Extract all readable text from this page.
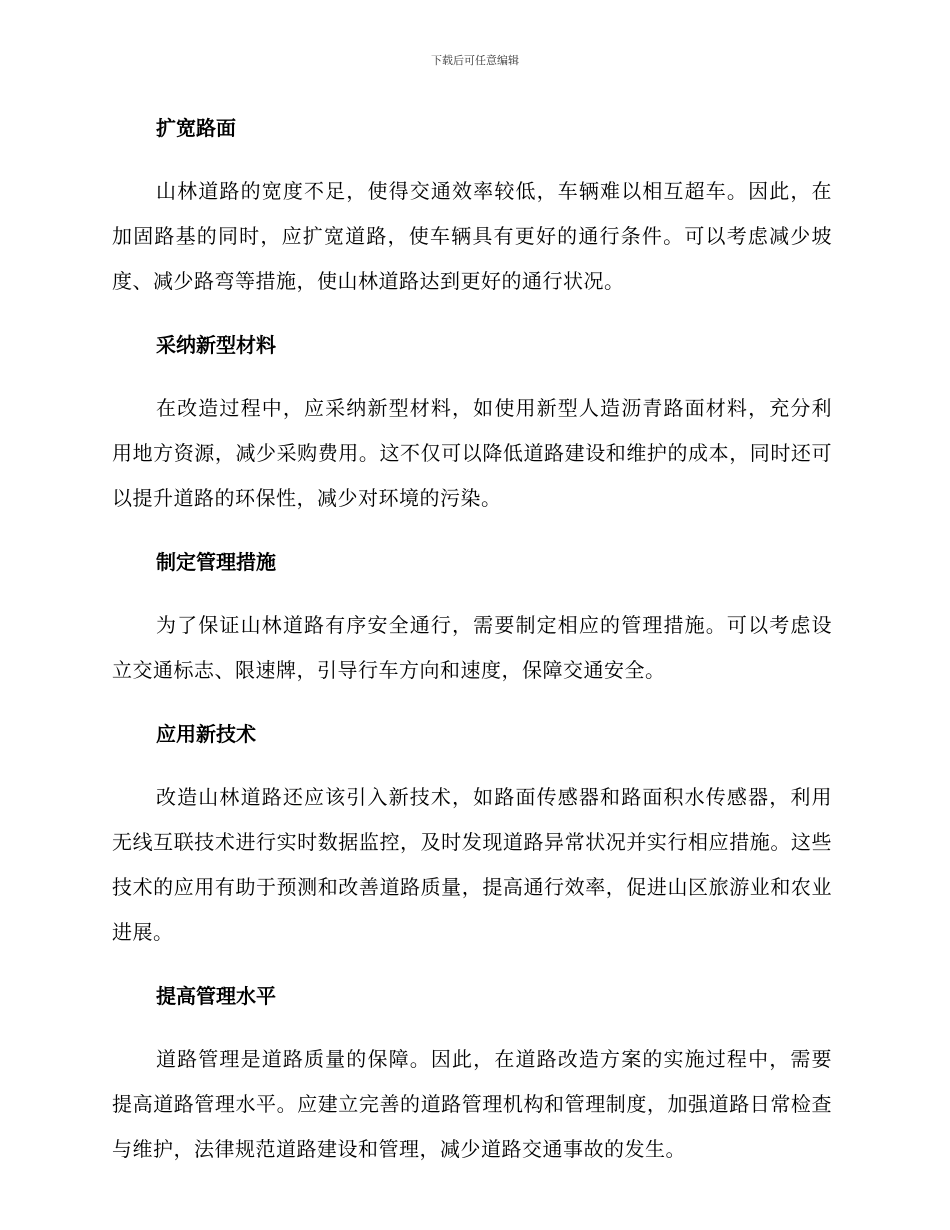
下载后可任意编辑
扩宽路面

山林道路的宽度不足，使得交通效率较低，车辆难以相互超车。因此，在加固路基的同时，应扩宽道路，使车辆具有更好的通行条件。可以考虑减少坡度、减少路弯等措施，使山林道路达到更好的通行状况。

采纳新型材料

在改造过程中，应采纳新型材料，如使用新型人造沥青路面材料，充分利用地方资源，减少采购费用。这不仅可以降低道路建设和维护的成本，同时还可以提升道路的环保性，减少对环境的污染。

制定管理措施

为了保证山林道路有序安全通行，需要制定相应的管理措施。可以考虑设立交通标志、限速牌，引导行车方向和速度，保障交通安全。

应用新技术

改造山林道路还应该引入新技术，如路面传感器和路面积水传感器，利用无线互联技术进行实时数据监控，及时发现道路异常状况并实行相应措施。这些技术的应用有助于预测和改善道路质量，提高通行效率，促进山区旅游业和农业进展。

提高管理水平

道路管理是道路质量的保障。因此，在道路改造方案的实施过程中，需要提高道路管理水平。应建立完善的道路管理机构和管理制度，加强道路日常检查与维护，法律规范道路建设和管理，减少道路交通事故的发生。
